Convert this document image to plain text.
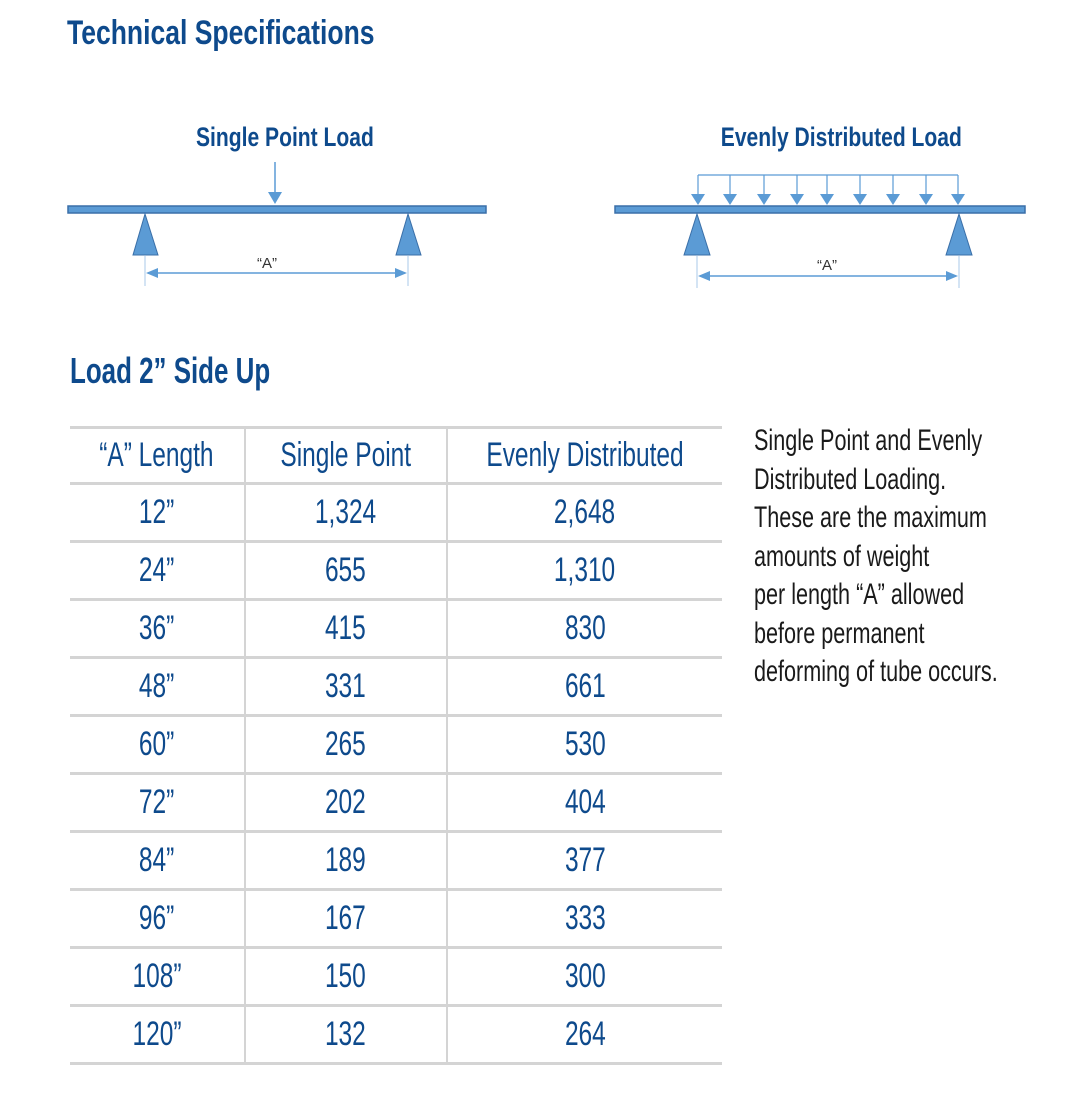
Technical Specifications
Single Point Load
“A”
Evenly Distributed Load
“A”
Load 2” Side Up
“A” Length	Single Point	Evenly Distributed
12”	1,324	2,648
24”	655	1,310
36”	415	830
48”	331	661
60”	265	530
72”	202	404
84”	189	377
96”	167	333
108”	150	300
120”	132	264
Single Point and Evenly
Distributed Loading.
These are the maximum
amounts of weight
per length “A” allowed
before permanent
deforming of tube occurs.
